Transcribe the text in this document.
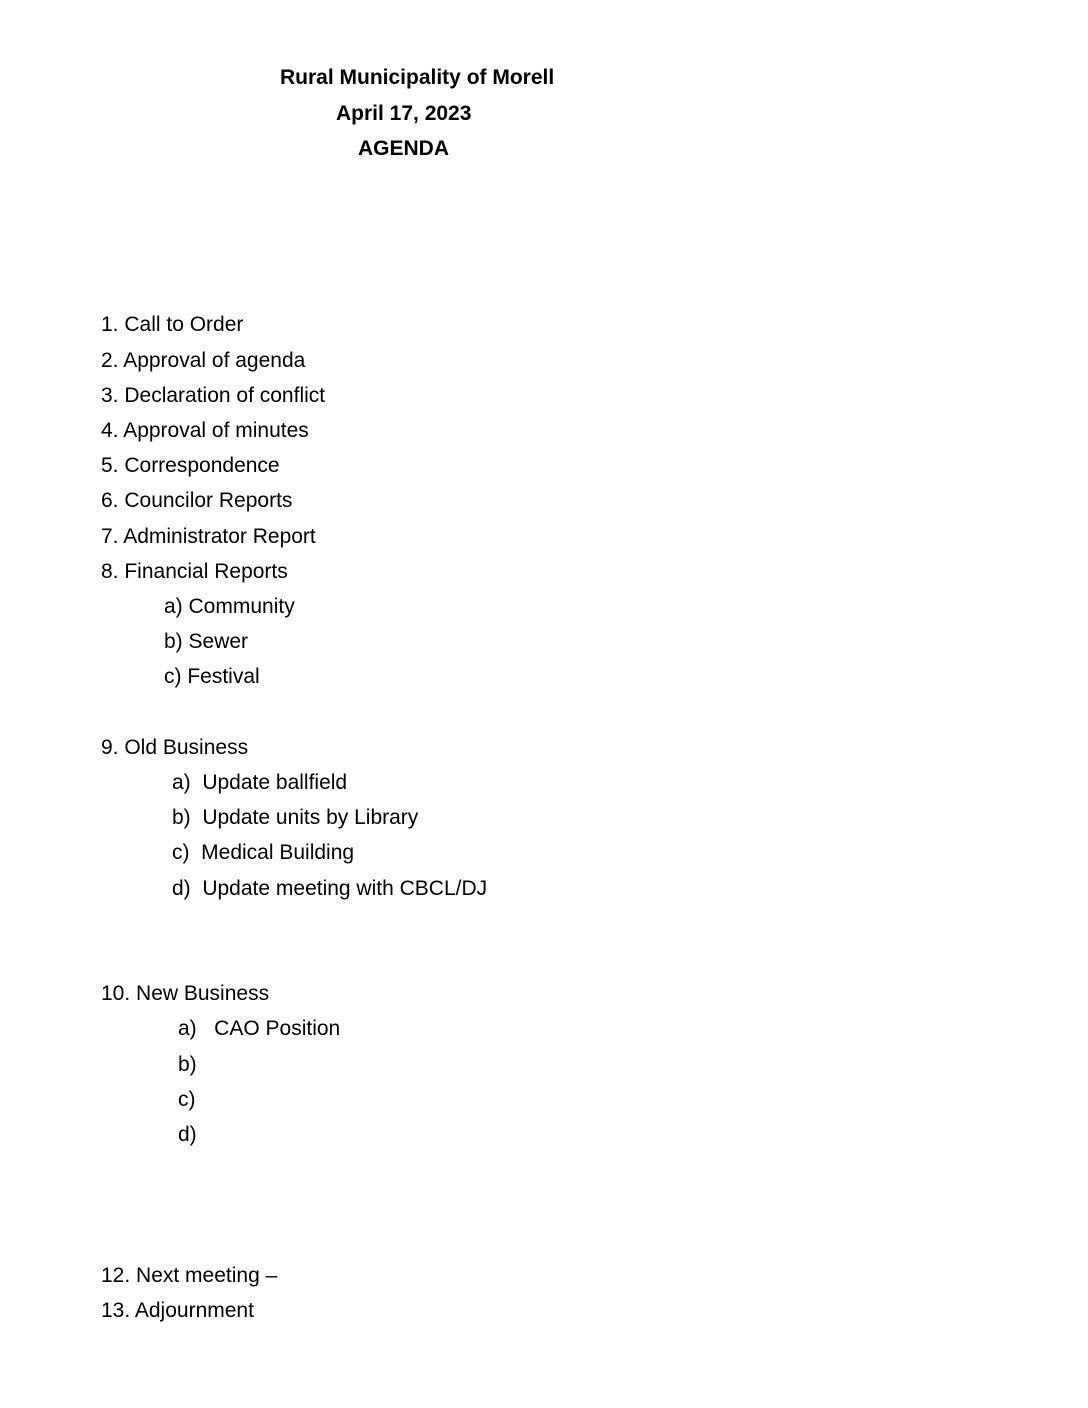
Rural Municipality of Morell
April 17, 2023
AGENDA
1. Call to Order
2. Approval of agenda
3. Declaration of conflict
4. Approval of minutes
5. Correspondence
6. Councilor Reports
7. Administrator Report
8. Financial Reports
a) Community
b) Sewer
c) Festival
9. Old Business
a)  Update ballfield
b)  Update units by Library
c)  Medical Building
d)  Update meeting with CBCL/DJ
10. New Business
a)   CAO Position
b)
c)
d)
12. Next meeting –
13. Adjournment
